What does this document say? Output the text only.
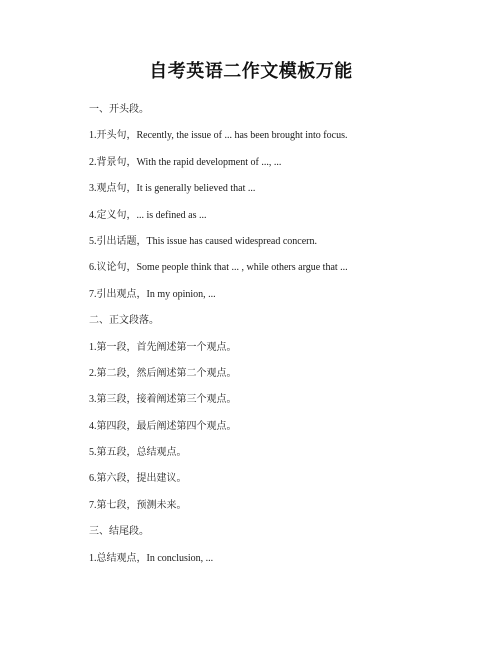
自考英语二作文模板万能
一、开头段。
1.开头句，Recently, the issue of ... has been brought into focus.
2.背景句，With the rapid development of ..., ...
3.观点句，It is generally believed that ...
4.定义句，... is defined as ...
5.引出话题，This issue has caused widespread concern.
6.议论句，Some people think that ... , while others argue that ...
7.引出观点，In my opinion, ...
二、正文段落。
1.第一段，首先阐述第一个观点。
2.第二段，然后阐述第二个观点。
3.第三段，接着阐述第三个观点。
4.第四段，最后阐述第四个观点。
5.第五段，总结观点。
6.第六段，提出建议。
7.第七段，预测未来。
三、结尾段。
1.总结观点，In conclusion, ...
